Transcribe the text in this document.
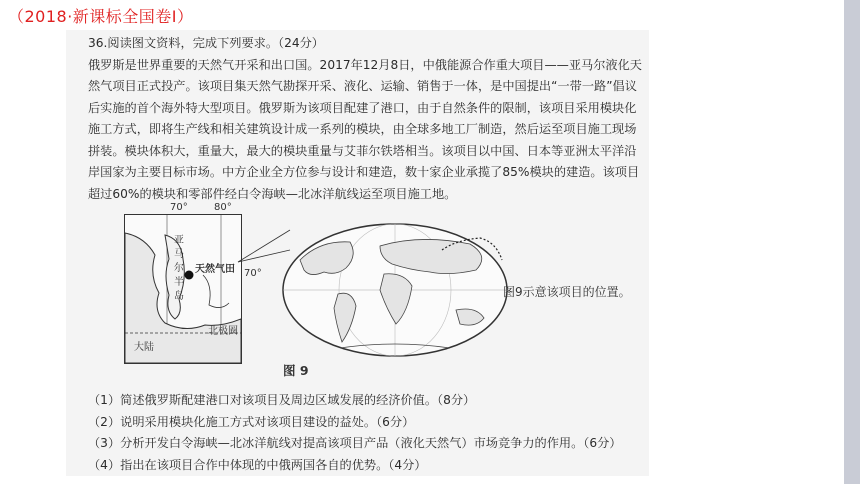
（2018·新课标全国卷Ⅰ）

36.阅读图文资料，完成下列要求。（24分）

俄罗斯是世界重要的天然气开采和出口国。2017年12月8日，中俄能源合作重大项目——亚马尔液化天然气项目正式投产。该项目集天然气勘探开采、液化、运输、销售于一体，是中国提出“一带一路”倡议后实施的首个海外特大型项目。俄罗斯为该项目配建了港口，由于自然条件的限制，该项目采用模块化施工方式，即将生产线和相关建筑设计成一系列的模块，由全球多地工厂制造，然后运至项目施工现场拼装。模块体积大，重量大，最大的模块重量与艾菲尔铁塔相当。该项目以中国、日本等亚洲太平洋沿岸国家为主要目标市场。中方企业全方位参与设计和建造，数十家企业承揽了85%模块的建造。该项目超过60%的模块和零部件经白令海峡—北冰洋航线运至项目施工地。

70°	80°
70°
亚马尔半岛
天然气田
北极圈
大陆
图9示意该项目的位置。
图 9
（1）简述俄罗斯配建港口对该项目及周边区域发展的经济价值。（8分）
（2）说明采用模块化施工方式对该项目建设的益处。（6分）
（3）分析开发白令海峡—北冰洋航线对提高该项目产品（液化天然气）市场竞争力的作用。（6分）
（4）指出在该项目合作中体现的中俄两国各自的优势。（4分）
